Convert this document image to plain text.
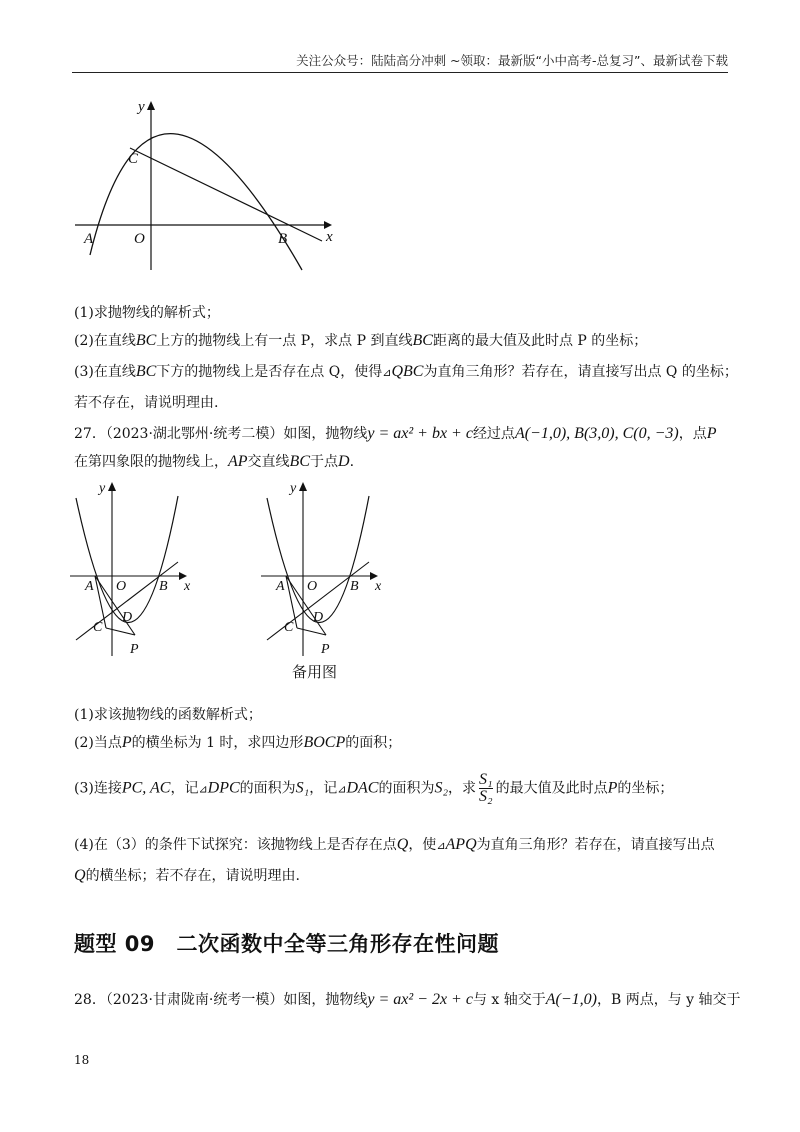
关注公众号：陆陆高分冲刺 ~领取：最新版“小中高考-总复习”、最新试卷下载
y
x
C
A	O	B
(1)求抛物线的解析式；
(2)在直线BC上方的抛物线上有一点 P，求点 P 到直线BC距离的最大值及此时点 P 的坐标；
(3)在直线BC下方的抛物线上是否存在点 Q，使得⊿QBC为直角三角形？若存在，请直接写出点 Q 的坐标；
若不存在，请说明理由.
27．（2023·湖北鄂州·统考二模）如图，抛物线y = ax² + bx + c经过点A(−1,0), B(3,0), C(0, −3)，点P
在第四象限的抛物线上，AP交直线BC于点D.
y
x
A O B
C
D
P
y
x
A O B
C
D
P
备用图
(1)求该抛物线的函数解析式；
(2)当点P的横坐标为 1 时，求四边形BOCP的面积；
(3)连接PC, AC，记⊿DPC的面积为S₁，记⊿DAC的面积为S₂，求 $\frac{\text{S₁}}{\text{S₂}}$ 的最大值及此时点P的坐标；
(4)在（3）的条件下试探究：该抛物线上是否存在点Q，使⊿APQ为直角三角形？若存在，请直接写出点
Q的横坐标；若不存在，请说明理由.
题型 09　二次函数中全等三角形存在性问题
28．（2023·甘肃陇南·统考一模）如图，抛物线y = ax² − 2x + c与 x 轴交于A(−1,0)，B 两点，与 y 轴交于
18
